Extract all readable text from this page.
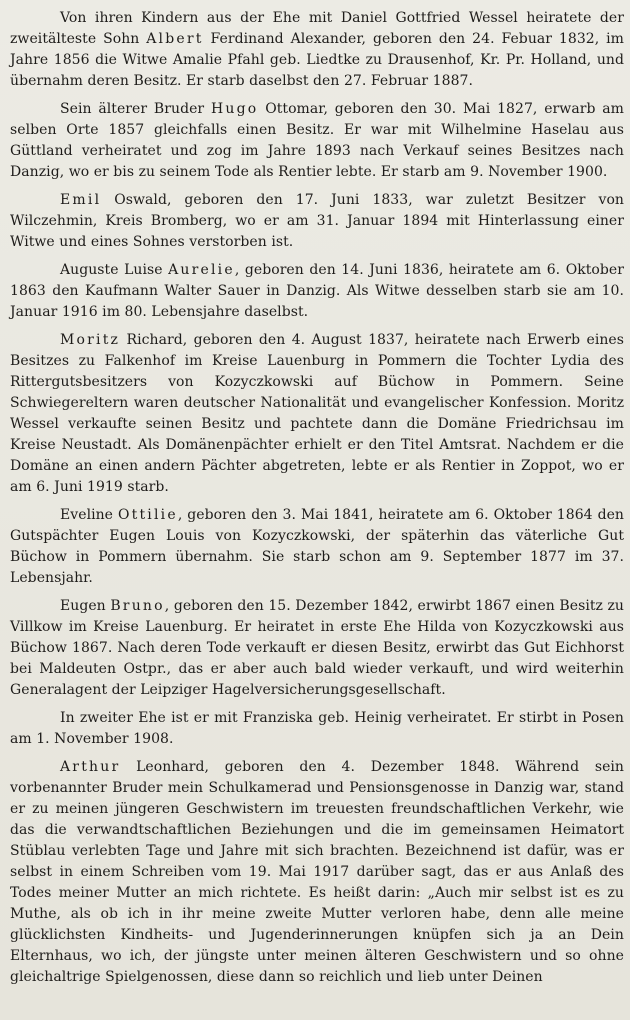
Von ihren Kindern aus der Ehe mit Daniel Gottfried Wessel heiratete der zweitälteste Sohn Albert Ferdinand Alexander, geboren den 24. Febuar 1832, im Jahre 1856 die Witwe Amalie Pfahl geb. Liedtke zu Drausenhof, Kr. Pr. Holland, und übernahm deren Besitz. Er starb daselbst den 27. Februar 1887.

Sein älterer Bruder Hugo Ottomar, geboren den 30. Mai 1827, erwarb am selben Orte 1857 gleichfalls einen Besitz. Er war mit Wilhelmine Haselau aus Güttland verheiratet und zog im Jahre 1893 nach Verkauf seines Besitzes nach Danzig, wo er bis zu seinem Tode als Rentier lebte. Er starb am 9. November 1900.

Emil Oswald, geboren den 17. Juni 1833, war zuletzt Besitzer von Wilczehmin, Kreis Bromberg, wo er am 31. Januar 1894 mit Hinterlassung einer Witwe und eines Sohnes verstorben ist.

Auguste Luise Aurelie, geboren den 14. Juni 1836, heiratete am 6. Oktober 1863 den Kaufmann Walter Sauer in Danzig. Als Witwe desselben starb sie am 10. Januar 1916 im 80. Lebensjahre daselbst.

Moritz Richard, geboren den 4. August 1837, heiratete nach Erwerb eines Besitzes zu Falkenhof im Kreise Lauenburg in Pommern die Tochter Lydia des Rittergutsbesitzers von Kozyczkowski auf Büchow in Pommern. Seine Schwiegereltern waren deutscher Nationalität und evangelischer Konfession. Moritz Wessel verkaufte seinen Besitz und pachtete dann die Domäne Friedrichsau im Kreise Neustadt. Als Domänenpächter erhielt er den Titel Amtsrat. Nachdem er die Domäne an einen andern Pächter abgetreten, lebte er als Rentier in Zoppot, wo er am 6. Juni 1919 starb.

Eveline Ottilie, geboren den 3. Mai 1841, heiratete am 6. Oktober 1864 den Gutspächter Eugen Louis von Kozyczkowski, der späterhin das väterliche Gut Büchow in Pommern übernahm. Sie starb schon am 9. September 1877 im 37. Lebensjahr.

Eugen Bruno, geboren den 15. Dezember 1842, erwirbt 1867 einen Besitz zu Villkow im Kreise Lauenburg. Er heiratet in erste Ehe Hilda von Kozyczkowski aus Büchow 1867. Nach deren Tode verkauft er diesen Besitz, erwirbt das Gut Eichhorst bei Maldeuten Ostpr., das er aber auch bald wieder verkauft, und wird weiterhin Generalagent der Leipziger Hagelversicherungsgesellschaft.

In zweiter Ehe ist er mit Franziska geb. Heinig verheiratet. Er stirbt in Posen am 1. November 1908.

Arthur Leonhard, geboren den 4. Dezember 1848. Während sein vorbenannter Bruder mein Schulkamerad und Pensionsgenosse in Danzig war, stand er zu meinen jüngeren Geschwistern im treuesten freundschaftlichen Verkehr, wie das die verwandtschaftlichen Beziehungen und die im gemeinsamen Heimatort Stüblau verlebten Tage und Jahre mit sich brachten. Bezeichnend ist dafür, was er selbst in einem Schreiben vom 19. Mai 1917 darüber sagt, das er aus Anlaß des Todes meiner Mutter an mich richtete. Es heißt darin: „Auch mir selbst ist es zu Muthe, als ob ich in ihr meine zweite Mutter verloren habe, denn alle meine glücklichsten Kindheits- und Jugenderinnerungen knüpfen sich ja an Dein Elternhaus, wo ich, der jüngste unter meinen älteren Geschwistern und so ohne gleichaltrige Spielgenossen, diese dann so reichlich und lieb unter Deinen
